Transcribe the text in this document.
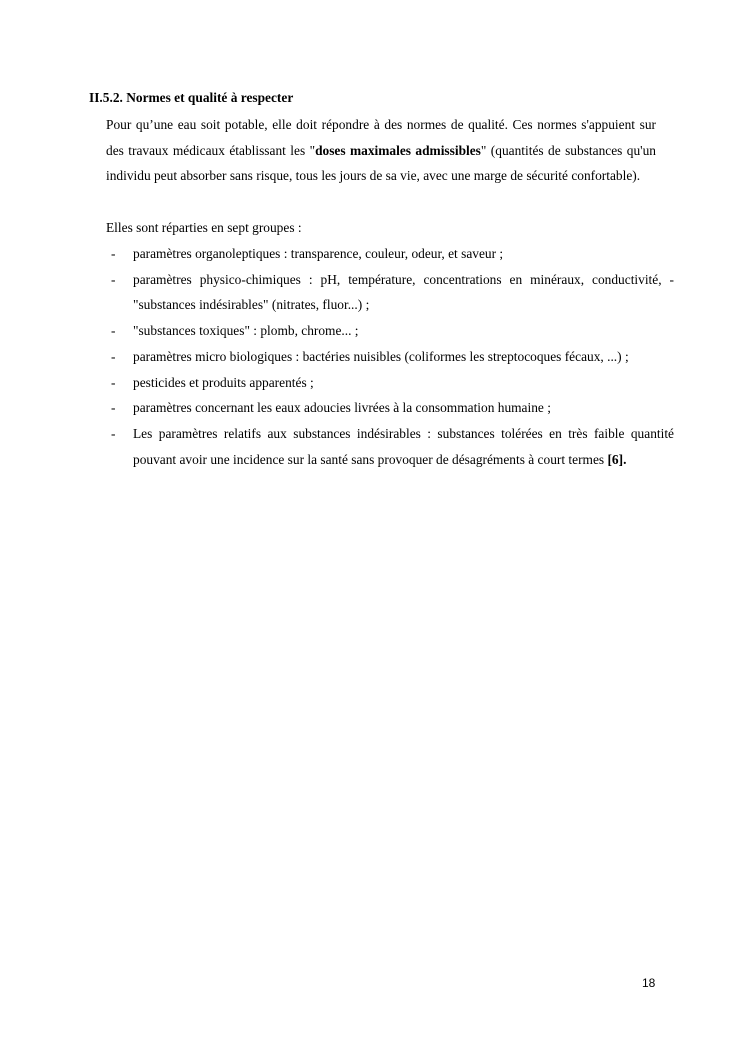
II.5.2. Normes et qualité à respecter
Pour qu’une eau soit potable, elle doit répondre à des normes de qualité. Ces normes s'appuient sur des travaux médicaux établissant les "doses maximales admissibles" (quantités de substances qu'un individu peut absorber sans risque, tous les jours de sa vie, avec une marge de sécurité confortable).
Elles sont réparties en sept groupes :
- paramètres organoleptiques : transparence, couleur, odeur, et saveur ;
- paramètres physico-chimiques : pH, température, concentrations en minéraux, conductivité, - "substances indésirables" (nitrates, fluor...) ;
- "substances toxiques" : plomb, chrome... ;
- paramètres micro biologiques : bactéries nuisibles (coliformes les streptocoques fécaux, ...) ;
- pesticides et produits apparentés ;
- paramètres concernant les eaux adoucies livrées à la consommation humaine ;
- Les paramètres relatifs aux substances indésirables : substances tolérées en très faible quantité pouvant avoir une incidence sur la santé sans provoquer de désagréments à court termes [6].
18
